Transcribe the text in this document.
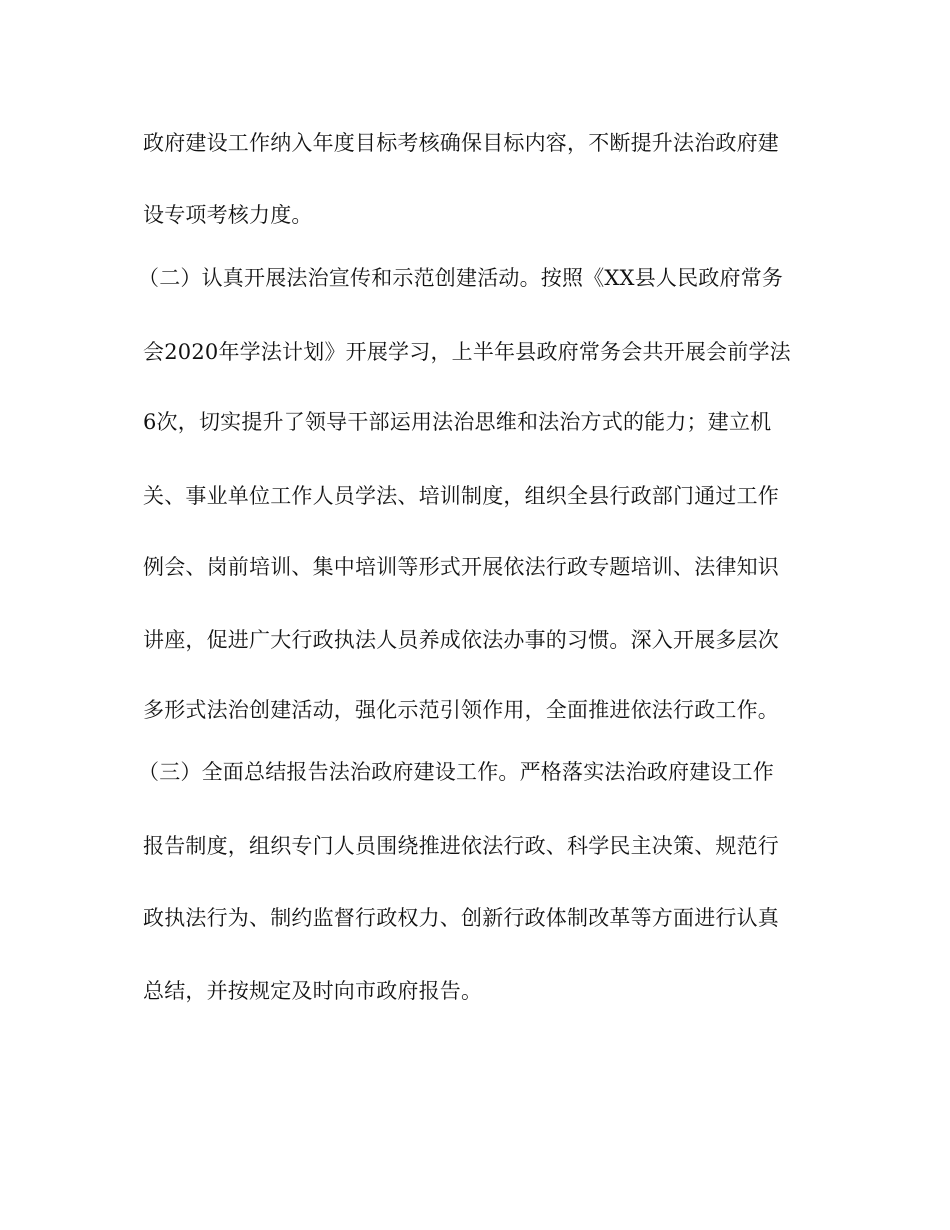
政府建设工作纳入年度目标考核确保目标内容，不断提升法治政府建

设专项考核力度。

（二）认真开展法治宣传和示范创建活动。按照《XX县人民政府常务

会2020年学法计划》开展学习，上半年县政府常务会共开展会前学法

6次，切实提升了领导干部运用法治思维和法治方式的能力；建立机

关、事业单位工作人员学法、培训制度，组织全县行政部门通过工作

例会、岗前培训、集中培训等形式开展依法行政专题培训、法律知识

讲座，促进广大行政执法人员养成依法办事的习惯。深入开展多层次

多形式法治创建活动，强化示范引领作用，全面推进依法行政工作。

（三）全面总结报告法治政府建设工作。严格落实法治政府建设工作

报告制度，组织专门人员围绕推进依法行政、科学民主决策、规范行

政执法行为、制约监督行政权力、创新行政体制改革等方面进行认真

总结，并按规定及时向市政府报告。
